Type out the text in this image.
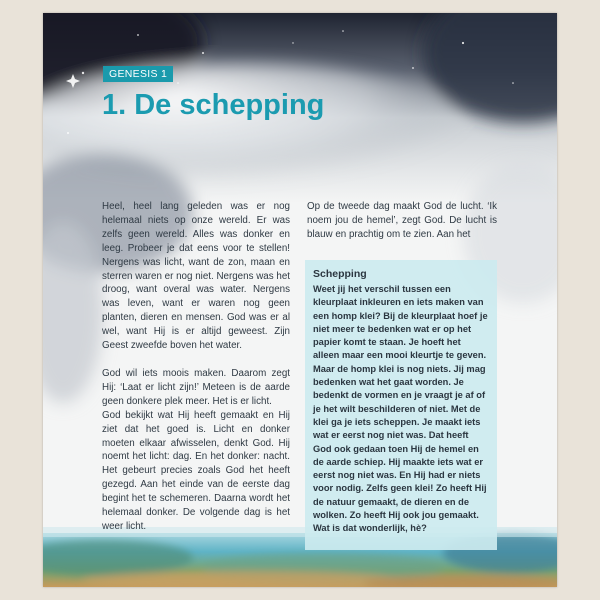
GENESIS 1
1. De schepping

Heel, heel lang geleden was er nog helemaal niets op onze wereld. Er was zelfs geen wereld. Alles was donker en leeg. Probeer je dat eens voor te stellen! Nergens was licht, want de zon, maan en sterren waren er nog niet. Nergens was het droog, want overal was water. Nergens was leven, want er waren nog geen planten, dieren en mensen. God was er al wel, want Hij is er altijd geweest. Zijn Geest zweefde boven het water.

God wil iets moois maken. Daarom zegt Hij: ‘Laat er licht zijn!’ Meteen is de aarde geen donkere plek meer. Het is er licht.

God bekijkt wat Hij heeft gemaakt en Hij ziet dat het goed is. Licht en donker moeten elkaar afwisselen, denkt God. Hij noemt het licht: dag. En het donker: nacht. Het gebeurt precies zoals God het heeft gezegd. Aan het einde van de eerste dag begint het te schemeren. Daarna wordt het helemaal donker. De volgende dag is het weer licht.

Op de tweede dag maakt God de lucht. ‘Ik noem jou de hemel’, zegt God. De lucht is blauw en prachtig om te zien. Aan het

Schepping

Weet jij het verschil tussen een kleurplaat inkleuren en iets maken van een homp klei? Bij de kleurplaat hoef je niet meer te bedenken wat er op het papier komt te staan. Je hoeft het alleen maar een mooi kleurtje te geven. Maar de homp klei is nog niets. Jij mag bedenken wat het gaat worden. Je bedenkt de vormen en je vraagt je af of je het wilt beschilderen of niet. Met de klei ga je iets scheppen. Je maakt iets wat er eerst nog niet was. Dat heeft God ook gedaan toen Hij de hemel en de aarde schiep. Hij maakte iets wat er eerst nog niet was. En Hij had er niets voor nodig. Zelfs geen klei! Zo heeft Hij de natuur gemaakt, de dieren en de wolken. Zo heeft Hij ook jou gemaakt. Wat is dat wonderlijk, hè?
